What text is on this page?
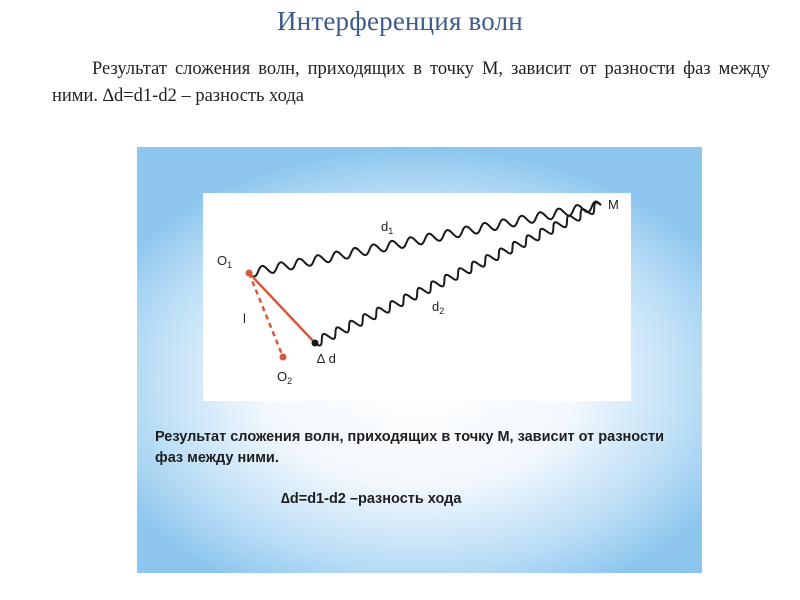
Интерференция волн
Результат сложения волн, приходящих в точку М, зависит от разности фаз между ними. ∆d=d1-d2 – разность хода
M
$d_1$
$d_2$
$O_1$
$O_2$
l
∆ d
Результат сложения волн, приходящих в точку М, зависит от разности фаз между ними.
∆d=d1-d2 –разность хода
